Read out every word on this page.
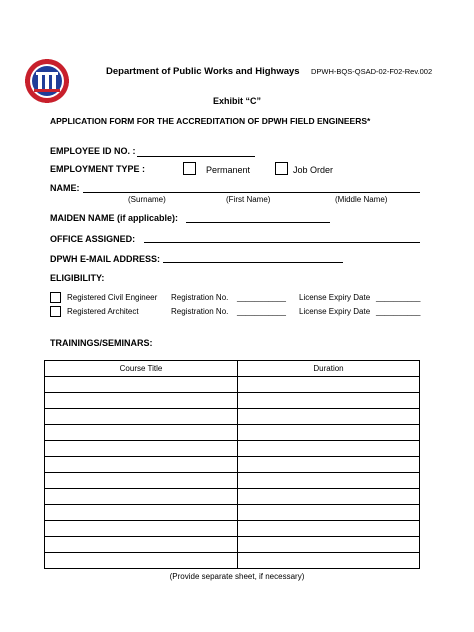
Department of Public Works and Highways DPWH-BQS-QSAD-02-F02-Rev.002
Exhibit “C”
APPLICATION FORM FOR THE ACCREDITATION OF DPWH FIELD ENGINEERS*
EMPLOYEE ID NO. :
EMPLOYMENT TYPE :	Permanent	Job Order
NAME:
(Surname)	(First Name)	(Middle Name)
MAIDEN NAME (if applicable):
OFFICE ASSIGNED:
DPWH E-MAIL ADDRESS:
ELIGIBILITY:
Registered Civil Engineer Registration No. ___________ License Expiry Date __________
Registered Architect	Registration No. ___________ License Expiry Date __________
TRAININGS/SEMINARS:
Course Title	Duration

(Provide separate sheet, if necessary)
